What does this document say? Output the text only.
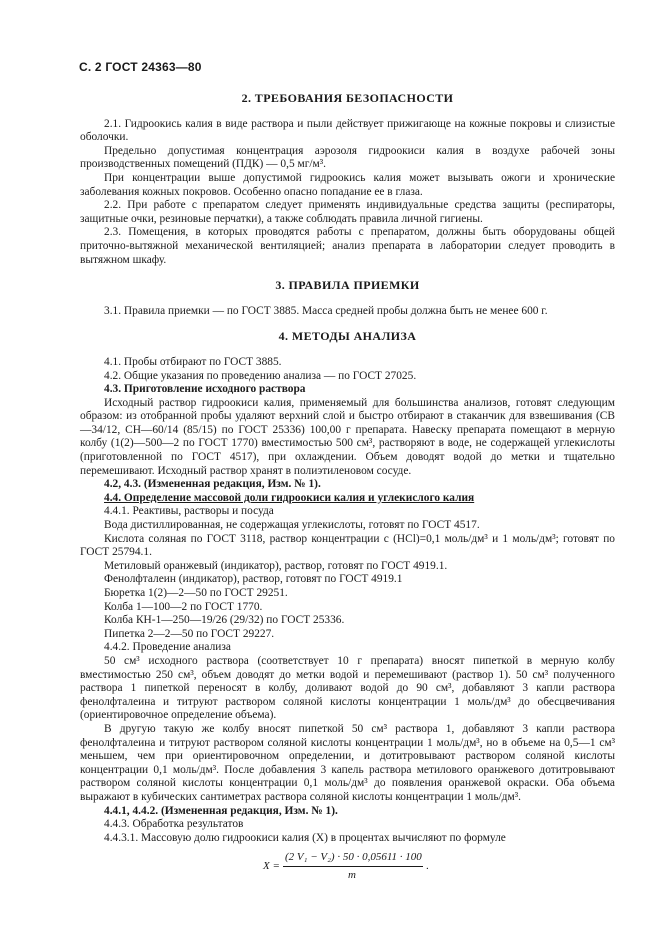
С. 2 ГОСТ 24363—80

2. ТРЕБОВАНИЯ БЕЗОПАСНОСТИ

2.1. Гидроокись калия в виде раствора и пыли действует прижигающе на кожные покровы и слизистые оболочки.

Предельно допустимая концентрация аэрозоля гидроокиси калия в воздухе рабочей зоны производственных помещений (ПДК) — 0,5 мг/м³.

При концентрации выше допустимой гидроокись калия может вызывать ожоги и хронические заболевания кожных покровов. Особенно опасно попадание ее в глаза.

2.2. При работе с препаратом следует применять индивидуальные средства защиты (респираторы, защитные очки, резиновые перчатки), а также соблюдать правила личной гигиены.

2.3. Помещения, в которых проводятся работы с препаратом, должны быть оборудованы общей приточно-вытяжной механической вентиляцией; анализ препарата в лаборатории следует проводить в вытяжном шкафу.

3. ПРАВИЛА ПРИЕМКИ

3.1. Правила приемки — по ГОСТ 3885. Масса средней пробы должна быть не менее 600 г.

4. МЕТОДЫ АНАЛИЗА

4.1. Пробы отбирают по ГОСТ 3885.

4.2. Общие указания по проведению анализа — по ГОСТ 27025.

4.3. Приготовление исходного раствора

Исходный раствор гидроокиси калия, применяемый для большинства анализов, готовят следующим образом: из отобранной пробы удаляют верхний слой и быстро отбирают в стаканчик для взвешивания (СВ—34/12, СН—60/14 (85/15) по ГОСТ 25336) 100,00 г препарата. Навеску препарата помещают в мерную колбу (1(2)—500—2 по ГОСТ 1770) вместимостью 500 см³, растворяют в воде, не содержащей углекислоты (приготовленной по ГОСТ 4517), при охлаждении. Объем доводят водой до метки и тщательно перемешивают. Исходный раствор хранят в полиэтиленовом сосуде.

4.2, 4.3. (Измененная редакция, Изм. № 1).

4.4. Определение массовой доли гидроокиси калия и углекислого калия

4.4.1. Реактивы, растворы и посуда

Вода дистиллированная, не содержащая углекислоты, готовят по ГОСТ 4517.

Кислота соляная по ГОСТ 3118, раствор концентрации с (HCl)=0,1 моль/дм³ и 1 моль/дм³; готовят по ГОСТ 25794.1.

Метиловый оранжевый (индикатор), раствор, готовят по ГОСТ 4919.1.

Фенолфталеин (индикатор), раствор, готовят по ГОСТ 4919.1

Бюретка 1(2)—2—50 по ГОСТ 29251.

Колба 1—100—2 по ГОСТ 1770.

Колба КН-1—250—19/26 (29/32) по ГОСТ 25336.

Пипетка 2—2—50 по ГОСТ 29227.

4.4.2. Проведение анализа

50 см³ исходного раствора (соответствует 10 г препарата) вносят пипеткой в мерную колбу вместимостью 250 см³, объем доводят до метки водой и перемешивают (раствор 1). 50 см³ полученного раствора 1 пипеткой переносят в колбу, доливают водой до 90 см³, добавляют 3 капли раствора фенолфталеина и титруют раствором соляной кислоты концентрации 1 моль/дм³ до обесцвечивания (ориентировочное определение объема).

В другую такую же колбу вносят пипеткой 50 см³ раствора 1, добавляют 3 капли раствора фенолфталеина и титруют раствором соляной кислоты концентрации 1 моль/дм³, но в объеме на 0,5—1 см³ меньшем, чем при ориентировочном определении, и дотитровывают раствором соляной кислоты концентрации 0,1 моль/дм³. После добавления 3 капель раствора метилового оранжевого дотитровывают раствором соляной кислоты концентрации 0,1 моль/дм³ до появления оранжевой окраски. Оба объема выражают в кубических сантиметрах раствора соляной кислоты концентрации 1 моль/дм³.

4.4.1, 4.4.2. (Измененная редакция, Изм. № 1).

4.4.3. Обработка результатов

4.4.3.1. Массовую долю гидроокиси калия (X) в процентах вычисляют по формуле

X =
(2 V₁ − V₂) · 50 · 0,05611 · 100
m
.
